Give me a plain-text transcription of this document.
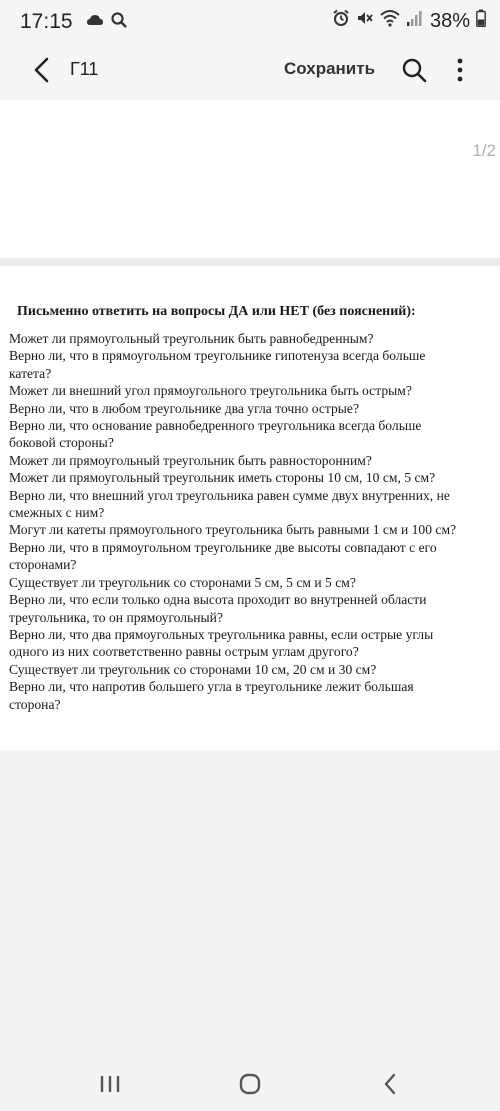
17:15	38%
Г11	Сохранить
1/2
Письменно ответить на вопросы ДА или НЕТ (без пояснений):
Может ли прямоугольный треугольник быть равнобедренным?
Верно ли, что в прямоугольном треугольнике гипотенуза всегда больше
катета?
Может ли внешний угол прямоугольного треугольника быть острым?
Верно ли, что в любом треугольнике два угла точно острые?
Верно ли, что основание равнобедренного треугольника всегда больше
боковой стороны?
Может ли прямоугольный треугольник быть равносторонним?
Может ли прямоугольный треугольник иметь стороны 10 см, 10 см, 5 см?
Верно ли, что внешний угол треугольника равен сумме двух внутренних, не
смежных с ним?
Могут ли катеты прямоугольного треугольника быть равными 1 см и 100 см?
Верно ли, что в прямоугольном треугольнике две высоты совпадают с его
сторонами?
Существует ли треугольник со сторонами 5 см, 5 см и 5 см?
Верно ли, что если только одна высота проходит во внутренней области
треугольника, то он прямоугольный?
Верно ли, что два прямоугольных треугольника равны, если острые углы
одного из них соответственно равны острым углам другого?
Существует ли треугольник со сторонами 10 см, 20 см и 30 см?
Верно ли, что напротив большего угла в треугольнике лежит большая
сторона?
